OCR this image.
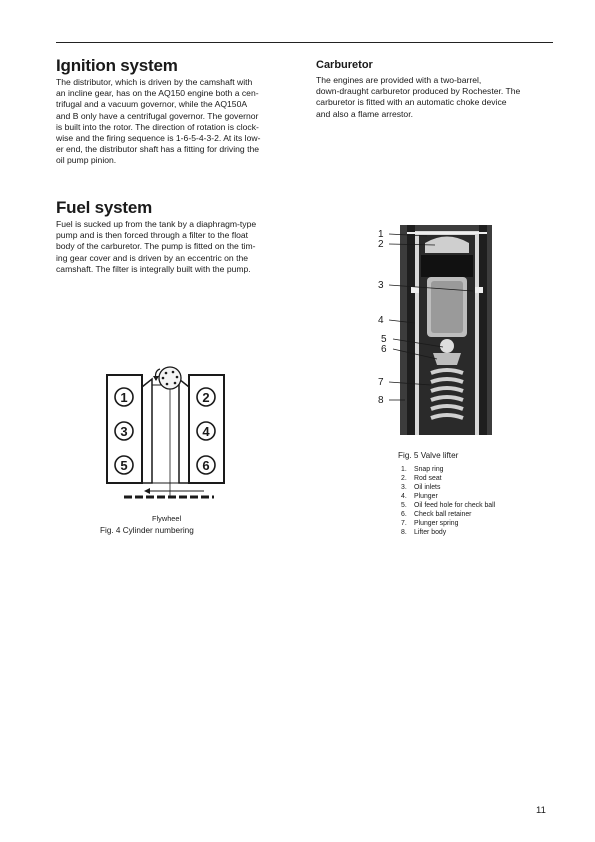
Ignition system

The distributor, which is driven by the camshaft with

an incline gear, has on the AQ150 engine both a cen-

trifugal and a vacuum governor, while the AQ150A

and B only have a centrifugal governor. The governor

is built into the rotor. The direction of rotation is clock-

wise and the firing sequence is 1-6-5-4-3-2. At its low-

er end, the distributor shaft has a fitting for driving the

oil pump pinion.

Carburetor

The engines are provided with a two-barrel,

down-draught carburetor produced by Rochester. The

carburetor is fitted with an automatic choke device

and also a flame arrestor.

Fuel system

Fuel is sucked up from the tank by a diaphragm-type

pump and is then forced through a filter to the float

body of the carburetor. The pump is fitted on the tim-

ing gear cover and is driven by an eccentric on the

camshaft. The filter is integrally built with the pump.

1
3
5
2
4
6
Flywheel
Fig. 4 Cylinder numbering
1
2
3
4
5
6
7
8
Fig. 5 Valve lifter
1. Snap ring
2. Rod seat
3. Oil inlets
4. Plunger
5. Oil feed hole for check ball
6. Check ball retainer
7. Plunger spring
8. Lifter body
11
